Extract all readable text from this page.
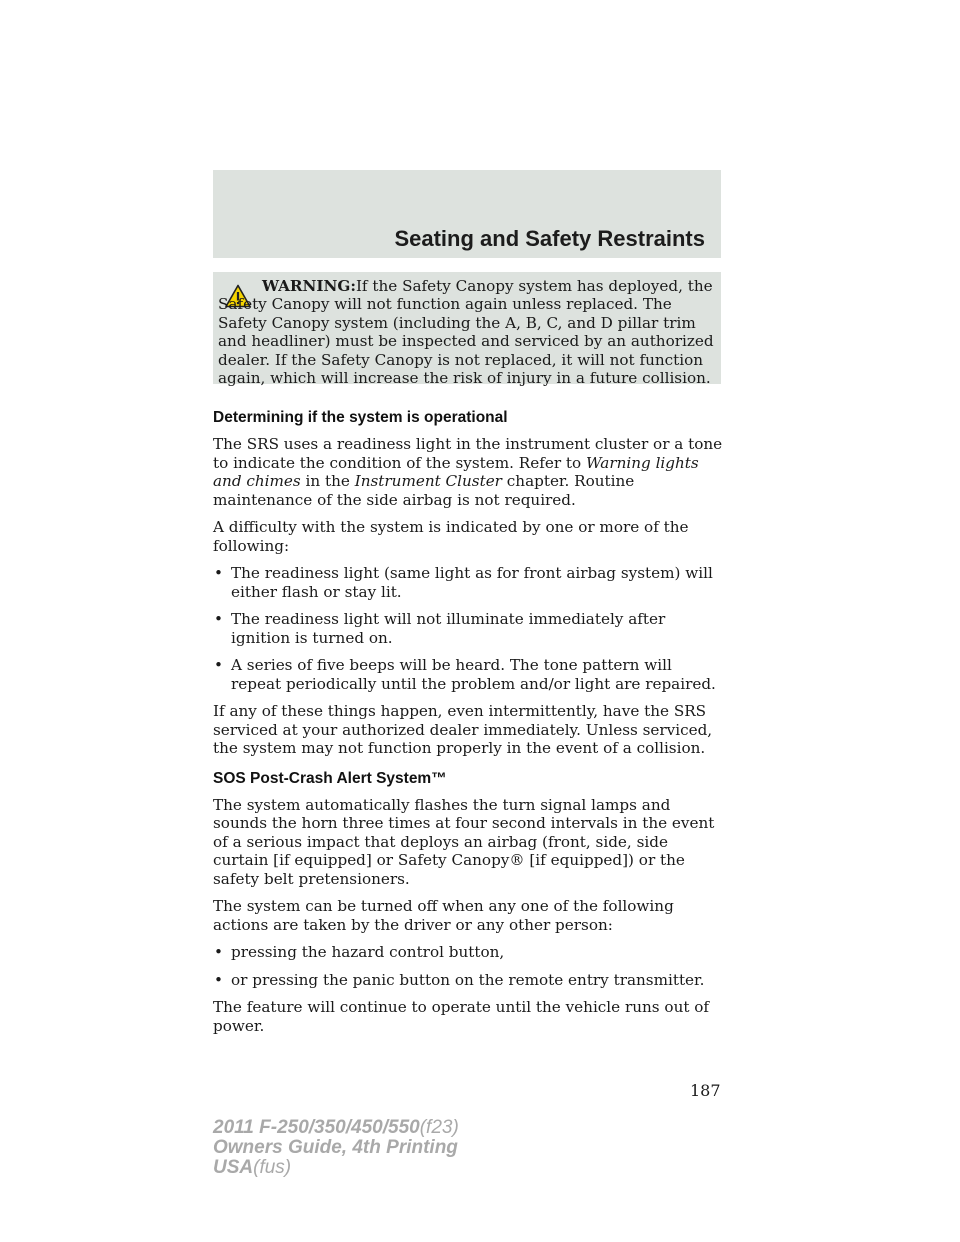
Seating and Safety Restraints
WARNING:If the Safety Canopy system has deployed, the Safety Canopy will not function again unless replaced. The Safety Canopy system (including the A, B, C, and D pillar trim and headliner) must be inspected and serviced by an authorized dealer. If the Safety Canopy is not replaced, it will not function again, which will increase the risk of injury in a future collision.
Determining if the system is operational

The SRS uses a readiness light in the instrument cluster or a tone to indicate the condition of the system. Refer to Warning lights and chimes in the Instrument Cluster chapter. Routine maintenance of the side airbag is not required.

A difficulty with the system is indicated by one or more of the following:

• The readiness light (same light as for front airbag system) will either flash or stay lit.
• The readiness light will not illuminate immediately after ignition is turned on.
• A series of five beeps will be heard. The tone pattern will repeat periodically until the problem and/or light are repaired.

If any of these things happen, even intermittently, have the SRS serviced at your authorized dealer immediately. Unless serviced, the system may not function properly in the event of a collision.

SOS Post-Crash Alert System™

The system automatically flashes the turn signal lamps and sounds the horn three times at four second intervals in the event of a serious impact that deploys an airbag (front, side, side curtain [if equipped] or Safety Canopy® [if equipped]) or the safety belt pretensioners.

The system can be turned off when any one of the following actions are taken by the driver or any other person:

• pressing the hazard control button,
• or pressing the panic button on the remote entry transmitter.

The feature will continue to operate until the vehicle runs out of power.

187
2011 F-250/350/450/550(f23)
Owners Guide, 4th Printing
USA(fus)
